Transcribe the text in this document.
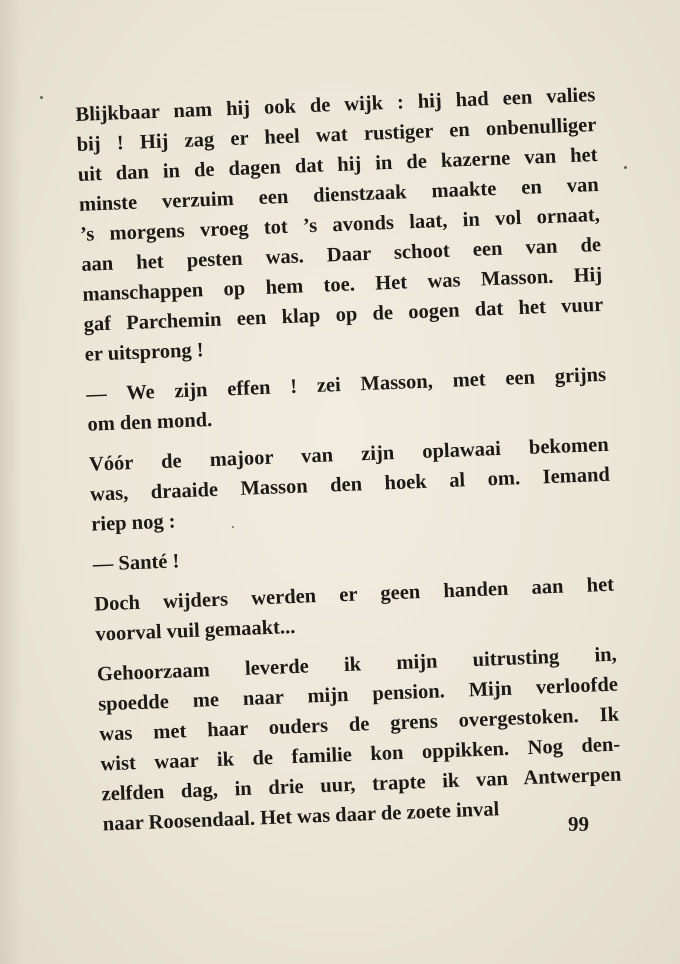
Blijkbaar nam hij ook de wijk : hij had een valies
bij ! Hij zag er heel wat rustiger en onbenulliger
uit dan in de dagen dat hij in de kazerne van het
minste verzuim een dienstzaak maakte en van
’s morgens vroeg tot ’s avonds laat, in vol ornaat,
aan het pesten was. Daar schoot een van de
manschappen op hem toe. Het was Masson. Hij
gaf Parchemin een klap op de oogen dat het vuur
er uitsprong !
— We zijn effen ! zei Masson, met een grijns
om den mond.
Vóór de majoor van zijn oplawaai bekomen
was, draaide Masson den hoek al om. Iemand
riep nog :
— Santé !
Doch wijders werden er geen handen aan het
voorval vuil gemaakt...
Gehoorzaam leverde ik mijn uitrusting in,
spoedde me naar mijn pension. Mijn verloofde
was met haar ouders de grens overgestoken. Ik
wist waar ik de familie kon oppikken. Nog den-
zelfden dag, in drie uur, trapte ik van Antwerpen
naar Roosendaal. Het was daar de zoete inval	99
